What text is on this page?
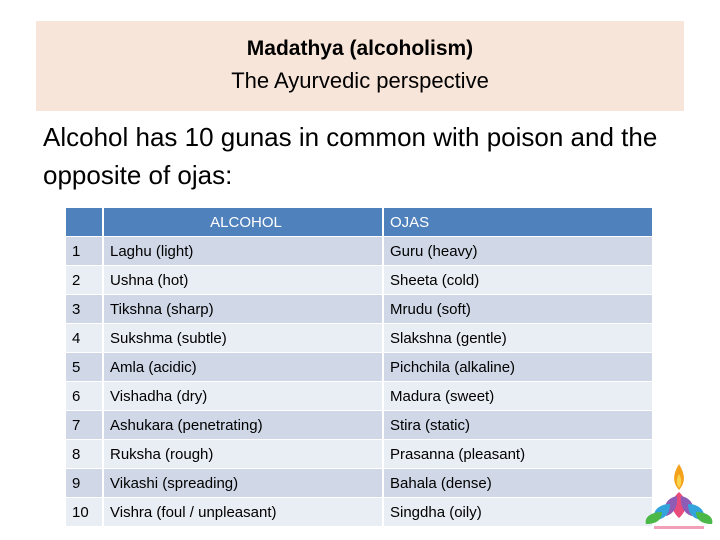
Madathya (alcoholism)
The Ayurvedic perspective
Alcohol has 10 gunas in common with poison and the opposite of ojas:
	ALCOHOL	OJAS
1	Laghu (light)	Guru (heavy)
2	Ushna (hot)	Sheeta (cold)
3	Tikshna (sharp)	Mrudu (soft)
4	Sukshma (subtle)	Slakshna (gentle)
5	Amla (acidic)	Pichchila (alkaline)
6	Vishadha (dry)	Madura (sweet)
7	Ashukara (penetrating)	Stira (static)
8	Ruksha (rough)	Prasanna (pleasant)
9	Vikashi (spreading)	Bahala (dense)
10	Vishra (foul / unpleasant)	Singdha (oily)
